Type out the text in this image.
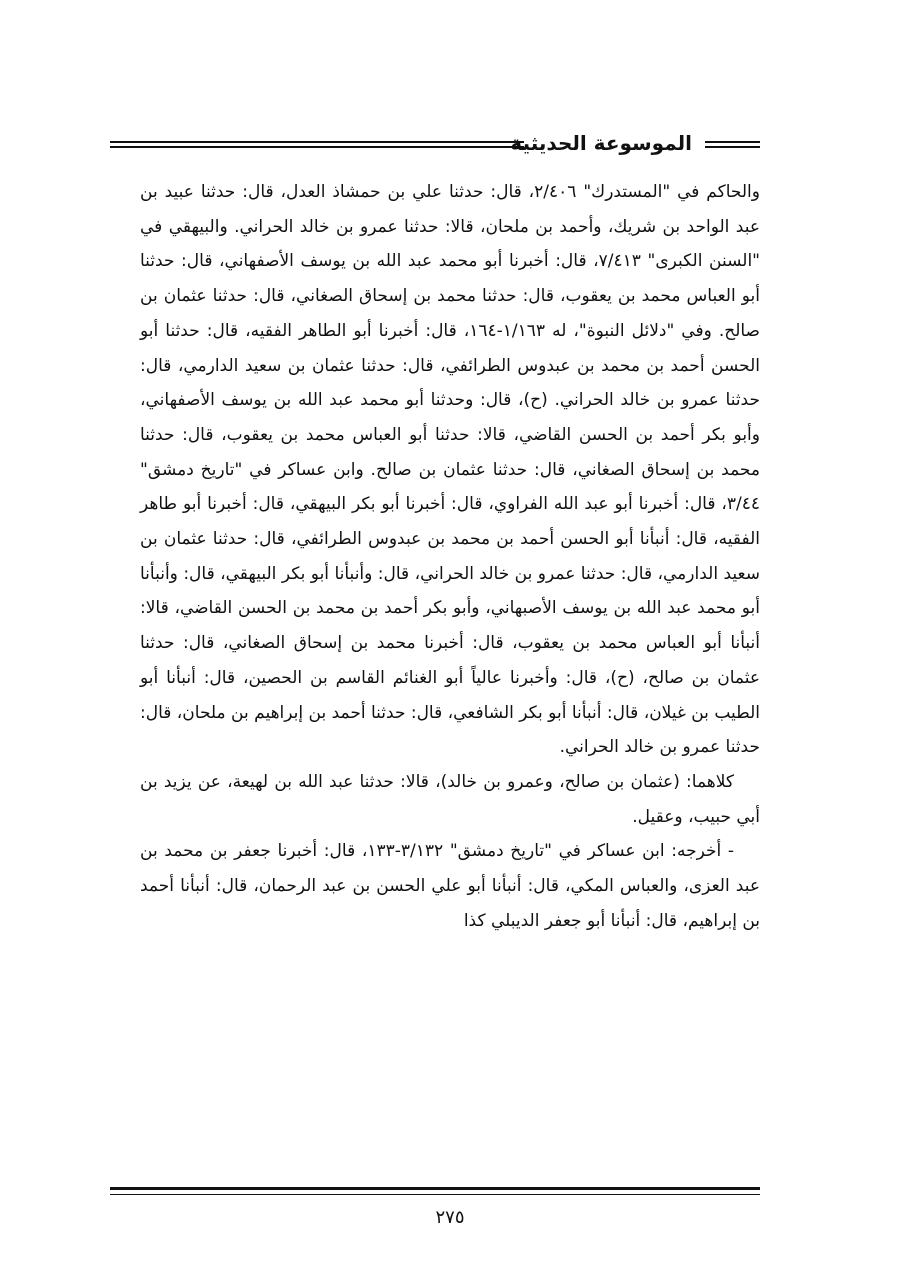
الموسوعة الحديثية

والحاكم في "المستدرك" ٢/٤٠٦، قال: حدثنا علي بن حمشاذ العدل، قال: حدثنا عبيد بن عبد الواحد بن شريك، وأحمد بن ملحان، قالا: حدثنا عمرو بن خالد الحراني. والبيهقي في "السنن الكبرى" ٧/٤١٣، قال: أخبرنا أبو محمد عبد الله بن يوسف الأصفهاني، قال: حدثنا أبو العباس محمد بن يعقوب، قال: حدثنا محمد بن إسحاق الصغاني، قال: حدثنا عثمان بن صالح. وفي "دلائل النبوة"، له ١/١٦٣-١٦٤، قال: أخبرنا أبو الطاهر الفقيه، قال: حدثنا أبو الحسن أحمد بن محمد بن عبدوس الطرائفي، قال: حدثنا عثمان بن سعيد الدارمي، قال: حدثنا عمرو بن خالد الحراني. (ح)، قال: وحدثنا أبو محمد عبد الله بن يوسف الأصفهاني، وأبو بكر أحمد بن الحسن القاضي، قالا: حدثنا أبو العباس محمد بن يعقوب، قال: حدثنا محمد بن إسحاق الصغاني، قال: حدثنا عثمان بن صالح. وابن عساكر في "تاريخ دمشق" ٣/٤٤، قال: أخبرنا أبو عبد الله الفراوي، قال: أخبرنا أبو بكر البيهقي، قال: أخبرنا أبو طاهر الفقيه، قال: أنبأنا أبو الحسن أحمد بن محمد بن عبدوس الطرائفي، قال: حدثنا عثمان بن سعيد الدارمي، قال: حدثنا عمرو بن خالد الحراني، قال: وأنبأنا أبو بكر البيهقي، قال: وأنبأنا أبو محمد عبد الله بن يوسف الأصبهاني، وأبو بكر أحمد بن محمد بن الحسن القاضي، قالا: أنبأنا أبو العباس محمد بن يعقوب، قال: أخبرنا محمد بن إسحاق الصغاني، قال: حدثنا عثمان بن صالح، (ح)، قال: وأخبرنا عالياً أبو الغنائم القاسم بن الحصين، قال: أنبأنا أبو الطيب بن غيلان، قال: أنبأنا أبو بكر الشافعي، قال: حدثنا أحمد بن إبراهيم بن ملحان، قال: حدثنا عمرو بن خالد الحراني.

كلاهما: (عثمان بن صالح، وعمرو بن خالد)، قالا: حدثنا عبد الله بن لهيعة، عن يزيد بن أبي حبيب، وعقيل.

- أخرجه: ابن عساكر في "تاريخ دمشق" ٣/١٣٢-١٣٣، قال: أخبرنا جعفر بن محمد بن عبد العزى، والعباس المكي، قال: أنبأنا أبو علي الحسن بن عبد الرحمان، قال: أنبأنا أحمد بن إبراهيم، قال: أنبأنا أبو جعفر الديبلي كذا

٢٧٥
